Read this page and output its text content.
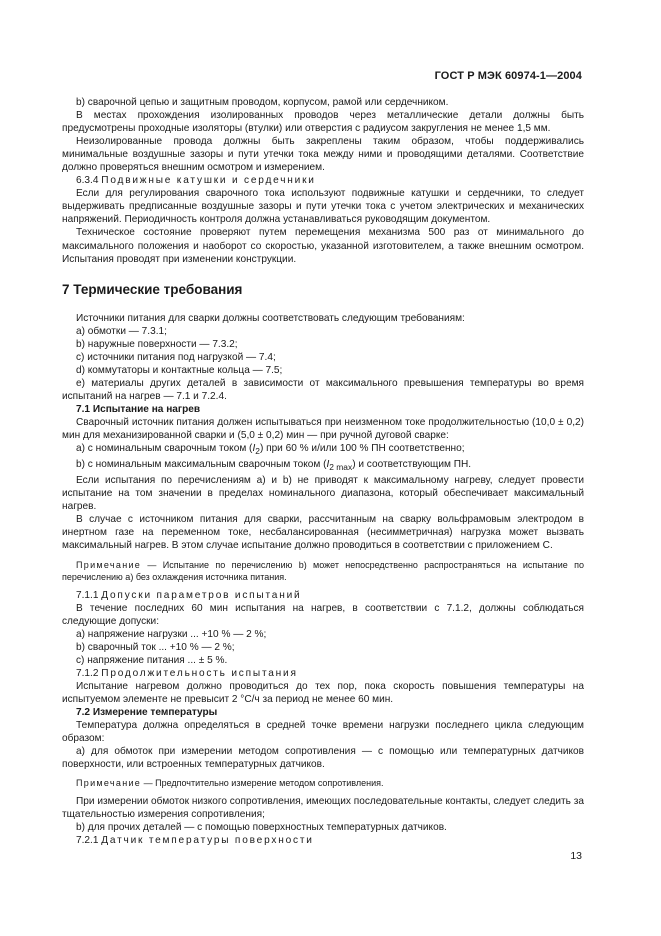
ГОСТ Р МЭК 60974-1—2004

b) сварочной цепью и защитным проводом, корпусом, рамой или сердечником.

В местах прохождения изолированных проводов через металлические детали должны быть предусмотрены проходные изоляторы (втулки) или отверстия с радиусом закругления не менее 1,5 мм.

Неизолированные провода должны быть закреплены таким образом, чтобы поддерживались минимальные воздушные зазоры и пути утечки тока между ними и проводящими деталями. Соответствие должно проверяться внешним осмотром и измерением.

6.3.4 Подвижные катушки и сердечники

Если для регулирования сварочного тока используют подвижные катушки и сердечники, то следует выдерживать предписанные воздушные зазоры и пути утечки тока с учетом электрических и механических напряжений. Периодичность контроля должна устанавливаться руководящим документом.

Техническое состояние проверяют путем перемещения механизма 500 раз от минимального до максимального положения и наоборот со скоростью, указанной изготовителем, а также внешним осмотром. Испытания проводят при изменении конструкции.

7 Термические требования

Источники питания для сварки должны соответствовать следующим требованиям:

a) обмотки — 7.3.1;

b) наружные поверхности — 7.3.2;

c) источники питания под нагрузкой — 7.4;

d) коммутаторы и контактные кольца — 7.5;

e) материалы других деталей в зависимости от максимального превышения температуры во время испытаний на нагрев — 7.1 и 7.2.4.

7.1 Испытание на нагрев

Сварочный источник питания должен испытываться при неизменном токе продолжительностью (10,0 ± 0,2) мин для механизированной сварки и (5,0 ± 0,2) мин — при ручной дуговой сварке:

a) с номинальным сварочным током $(I_2)$ при 60 % и/или 100 % ПН соответственно;

b) с номинальным максимальным сварочным током $(I_{2 max})$ и соответствующим ПН.

Если испытания по перечислениям a) и b) не приводят к максимальному нагреву, следует провести испытание на том значении в пределах номинального диапазона, который обеспечивает максимальный нагрев.

В случае с источником питания для сварки, рассчитанным на сварку вольфрамовым электродом в инертном газе на переменном токе, несбалансированная (несимметричная) нагрузка может вызвать максимальный нагрев. В этом случае испытание должно проводиться в соответствии с приложением С.

Примечание — Испытание по перечислению b) может непосредственно распространяться на испытание по перечислению a) без охлаждения источника питания.

7.1.1 Допуски параметров испытаний

В течение последних 60 мин испытания на нагрев, в соответствии с 7.1.2, должны соблюдаться следующие допуски:

a) напряжение нагрузки ... +10 % — 2 %;

b) сварочный ток ... +10 % — 2 %;

c) напряжение питания ... ± 5 %.

7.1.2 Продолжительность испытания

Испытание нагревом должно проводиться до тех пор, пока скорость повышения температуры на испытуемом элементе не превысит 2 °С/ч за период не менее 60 мин.

7.2 Измерение температуры

Температура должна определяться в средней точке времени нагрузки последнего цикла следующим образом:

a) для обмоток при измерении методом сопротивления — с помощью или температурных датчиков поверхности, или встроенных температурных датчиков.

Примечание — Предпочтительно измерение методом сопротивления.

При измерении обмоток низкого сопротивления, имеющих последовательные контакты, следует следить за тщательностью измерения сопротивления;

b) для прочих деталей — с помощью поверхностных температурных датчиков.

7.2.1 Датчик температуры поверхности

13
